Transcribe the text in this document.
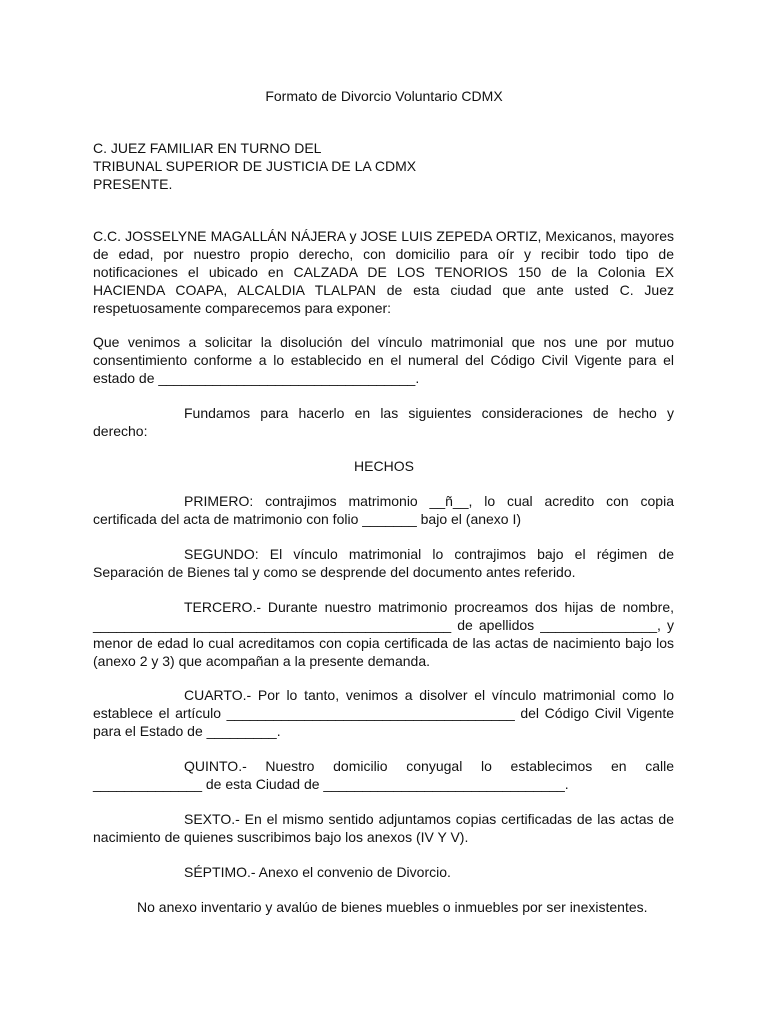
Formato de Divorcio Voluntario CDMX
C. JUEZ FAMILIAR EN TURNO DEL
TRIBUNAL SUPERIOR DE JUSTICIA DE LA CDMX
PRESENTE.
C.C. JOSSELYNE MAGALLÁN NÁJERA y JOSE LUIS ZEPEDA ORTIZ, Mexicanos, mayores de edad, por nuestro propio derecho, con domicilio para oír y recibir todo tipo de notificaciones el ubicado en CALZADA DE LOS TENORIOS 150 de la Colonia EX HACIENDA COAPA, ALCALDIA TLALPAN de esta ciudad que ante usted C. Juez respetuosamente comparecemos para exponer:
Que venimos a solicitar la disolución del vínculo matrimonial que nos une por mutuo consentimiento conforme a lo establecido en el numeral del Código Civil Vigente para el estado de _________________________________.
Fundamos para hacerlo en las siguientes consideraciones de hecho y derecho:
HECHOS
PRIMERO: contrajimos matrimonio __ñ__, lo cual acredito con copia certificada del acta de matrimonio con folio _______ bajo el (anexo I)
SEGUNDO: El vínculo matrimonial lo contrajimos bajo el régimen de Separación de Bienes tal y como se desprende del documento antes referido.
TERCERO.- Durante nuestro matrimonio procreamos dos hijas de nombre, ______________________________________________ de apellidos _______________, y menor de edad lo cual acreditamos con copia certificada de las actas de nacimiento bajo los (anexo 2 y 3) que acompañan a la presente demanda.
CUARTO.- Por lo tanto, venimos a disolver el vínculo matrimonial como lo establece el artículo _____________________________________ del Código Civil Vigente para el Estado de _________.
QUINTO.- Nuestro domicilio conyugal lo establecimos en calle ______________ de esta Ciudad de _______________________________.
SEXTO.- En el mismo sentido adjuntamos copias certificadas de las actas de nacimiento de quienes suscribimos bajo los anexos (IV Y V).
SÉPTIMO.- Anexo el convenio de Divorcio.
No anexo inventario y avalúo de bienes muebles o inmuebles por ser inexistentes.
